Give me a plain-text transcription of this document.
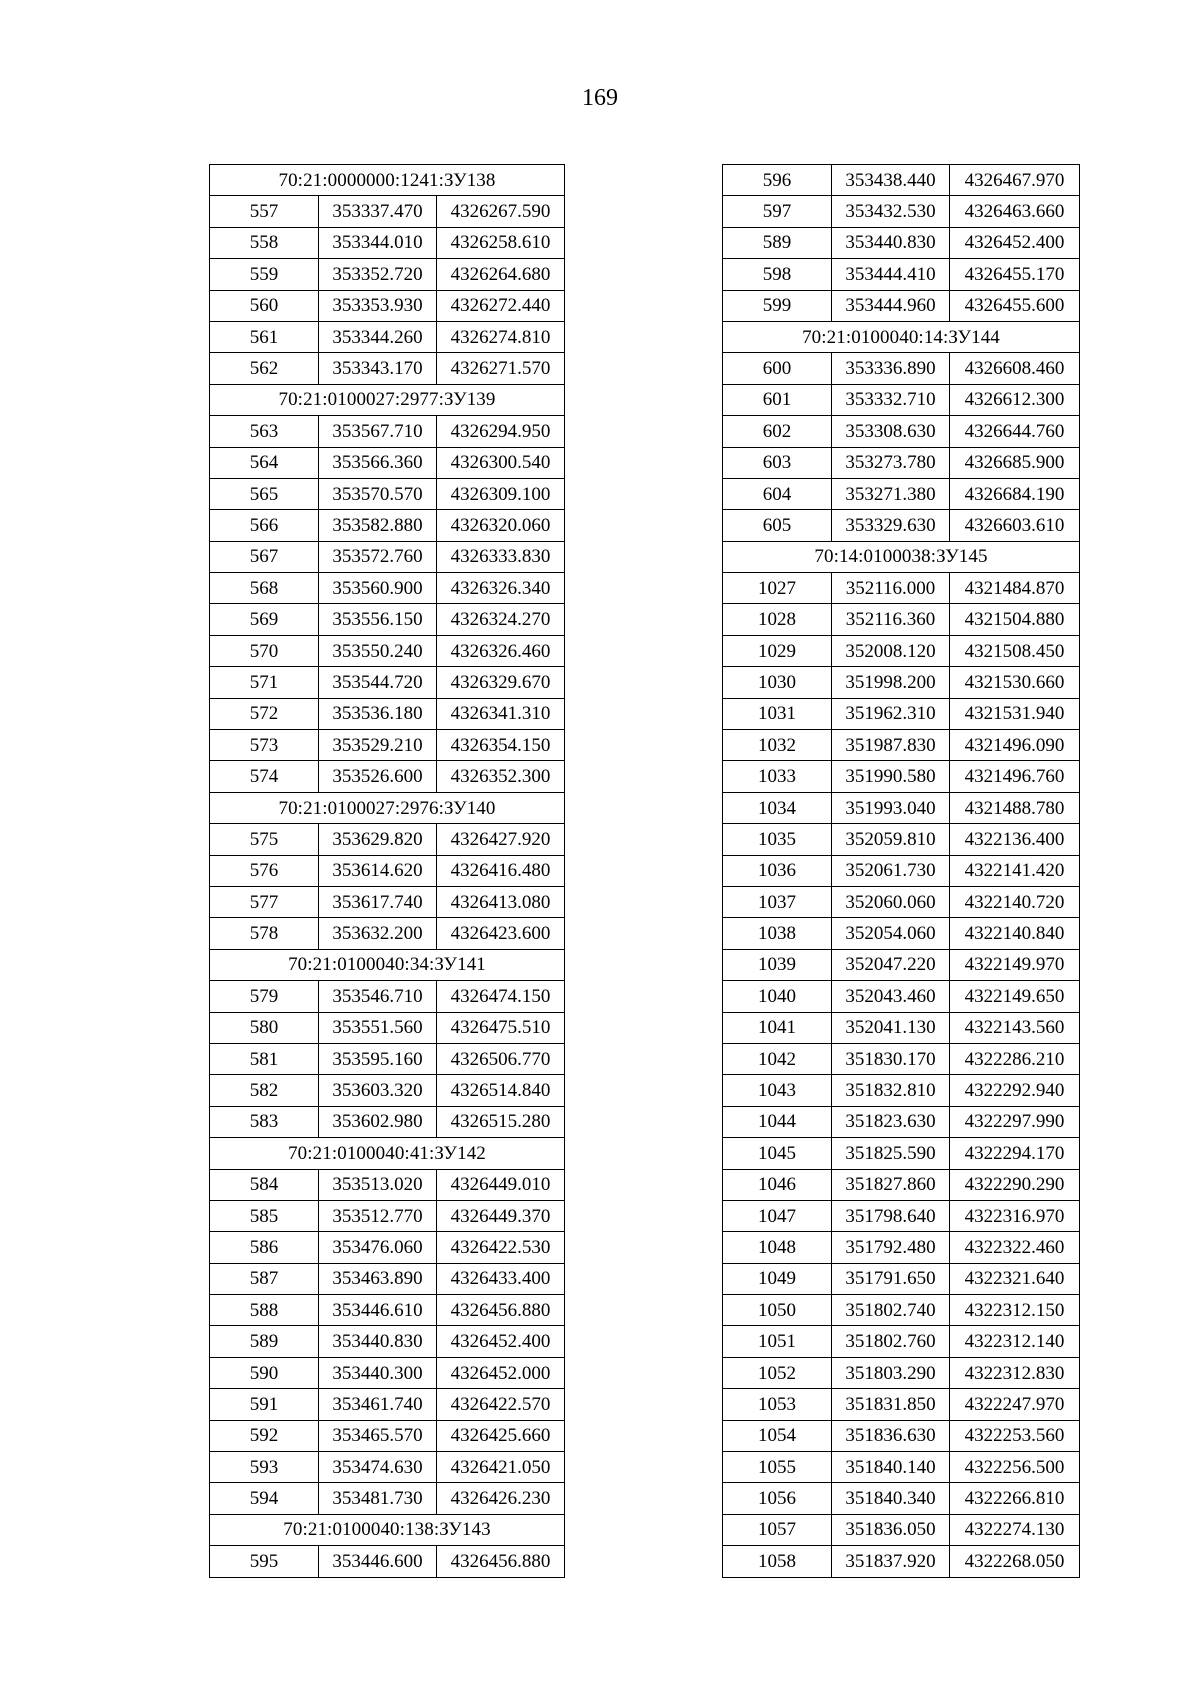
169
70:21:0000000:1241:ЗУ138		
557	353337.470	4326267.590
558	353344.010	4326258.610
559	353352.720	4326264.680
560	353353.930	4326272.440
561	353344.260	4326274.810
562	353343.170	4326271.570
70:21:0100027:2977:ЗУ139		
563	353567.710	4326294.950
564	353566.360	4326300.540
565	353570.570	4326309.100
566	353582.880	4326320.060
567	353572.760	4326333.830
568	353560.900	4326326.340
569	353556.150	4326324.270
570	353550.240	4326326.460
571	353544.720	4326329.670
572	353536.180	4326341.310
573	353529.210	4326354.150
574	353526.600	4326352.300
70:21:0100027:2976:ЗУ140		
575	353629.820	4326427.920
576	353614.620	4326416.480
577	353617.740	4326413.080
578	353632.200	4326423.600
70:21:0100040:34:ЗУ141		
579	353546.710	4326474.150
580	353551.560	4326475.510
581	353595.160	4326506.770
582	353603.320	4326514.840
583	353602.980	4326515.280
70:21:0100040:41:ЗУ142		
584	353513.020	4326449.010
585	353512.770	4326449.370
586	353476.060	4326422.530
587	353463.890	4326433.400
588	353446.610	4326456.880
589	353440.830	4326452.400
590	353440.300	4326452.000
591	353461.740	4326422.570
592	353465.570	4326425.660
593	353474.630	4326421.050
594	353481.730	4326426.230
70:21:0100040:138:ЗУ143		
595	353446.600	4326456.880
596	353438.440	4326467.970
597	353432.530	4326463.660
589	353440.830	4326452.400
598	353444.410	4326455.170
599	353444.960	4326455.600
70:21:0100040:14:ЗУ144		
600	353336.890	4326608.460
601	353332.710	4326612.300
602	353308.630	4326644.760
603	353273.780	4326685.900
604	353271.380	4326684.190
605	353329.630	4326603.610
70:14:0100038:ЗУ145		
1027	352116.000	4321484.870
1028	352116.360	4321504.880
1029	352008.120	4321508.450
1030	351998.200	4321530.660
1031	351962.310	4321531.940
1032	351987.830	4321496.090
1033	351990.580	4321496.760
1034	351993.040	4321488.780
1035	352059.810	4322136.400
1036	352061.730	4322141.420
1037	352060.060	4322140.720
1038	352054.060	4322140.840
1039	352047.220	4322149.970
1040	352043.460	4322149.650
1041	352041.130	4322143.560
1042	351830.170	4322286.210
1043	351832.810	4322292.940
1044	351823.630	4322297.990
1045	351825.590	4322294.170
1046	351827.860	4322290.290
1047	351798.640	4322316.970
1048	351792.480	4322322.460
1049	351791.650	4322321.640
1050	351802.740	4322312.150
1051	351802.760	4322312.140
1052	351803.290	4322312.830
1053	351831.850	4322247.970
1054	351836.630	4322253.560
1055	351840.140	4322256.500
1056	351840.340	4322266.810
1057	351836.050	4322274.130
1058	351837.920	4322268.050
